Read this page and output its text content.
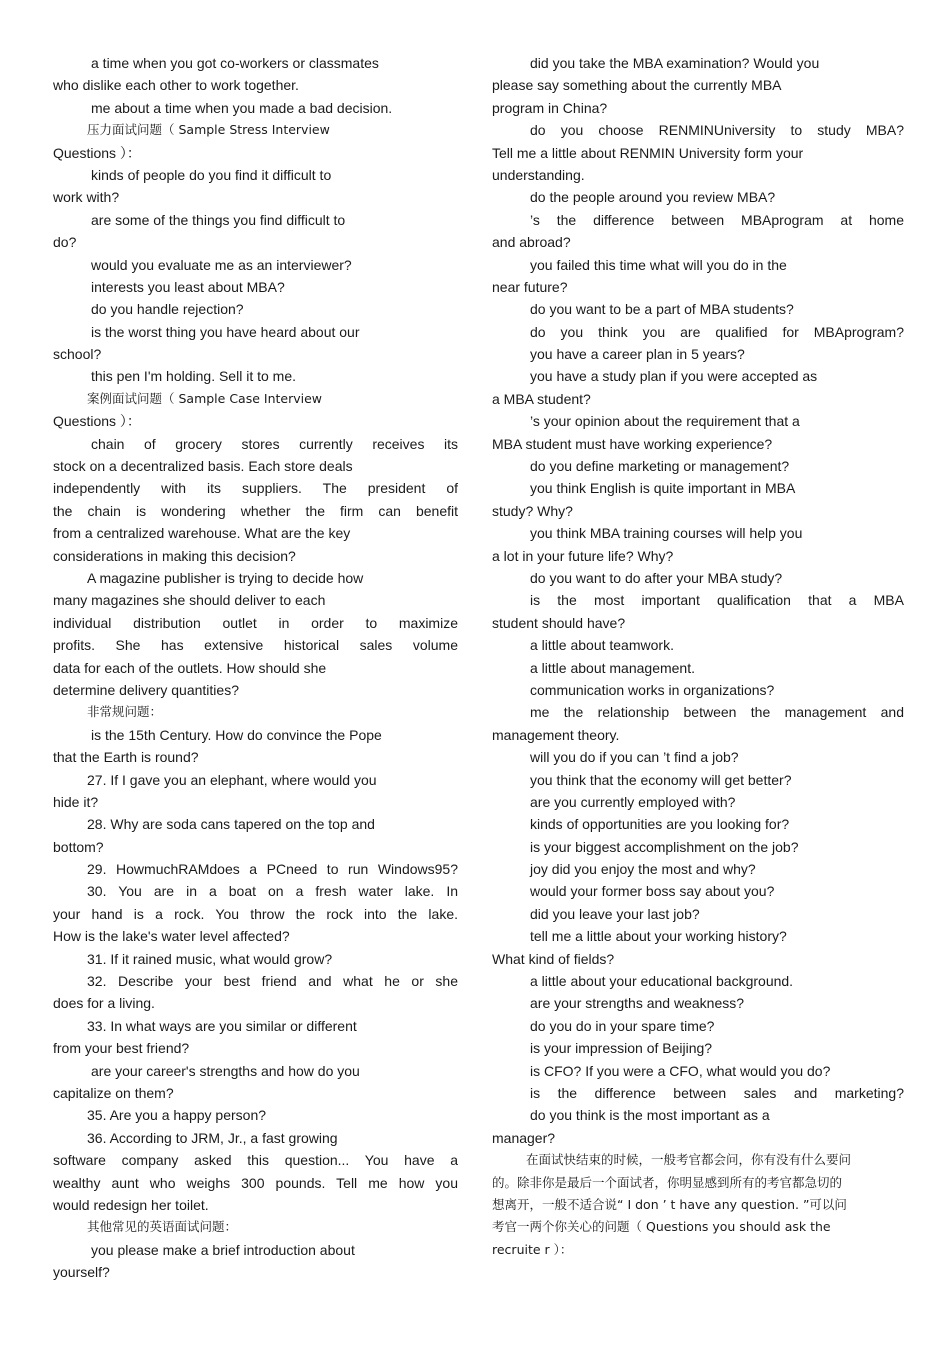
a time when you got co-workers or classmates
who dislike each other to work together.
me about a time when you made a bad decision.
压力面试问题（ Sample Stress Interview
Questions ）：
kinds of people do you find it difficult to
work with?
are some of the things you find difficult to
do?
would you evaluate me as an interviewer?
interests you least about MBA?
do you handle rejection?
is the worst thing you have heard about our
school?
this pen I'm holding. Sell it to me.
案例面试问题（ Sample Case Interview
Questions ）：
chain of grocery stores currently receives its
stock on a decentralized basis. Each store deals
independently with its suppliers. The president of
the chain is wondering whether the firm can benefit
from a centralized warehouse. What are the key
considerations in making this decision?
A magazine publisher is trying to decide how
many magazines she should deliver to each
individual distribution outlet in order to maximize
profits. She has extensive historical sales volume
data for each of the outlets. How should she
determine delivery quantities?
非常规问题：
is the 15th Century. How do convince the Pope
that the Earth is round?
27. If I gave you an elephant, where would you
hide it?
28. Why are soda cans tapered on the top and
bottom?
29. HowmuchRAMdoes a PCneed to run Windows95?
30. You are in a boat on a fresh water lake. In
your hand is a rock. You throw the rock into the lake.
How is the lake's water level affected?
31. If it rained music, what would grow?
32. Describe your best friend and what he or she
does for a living.
33. In what ways are you similar or different
from your best friend?
are your career's strengths and how do you
capitalize on them?
35. Are you a happy person?
36. According to JRM, Jr., a fast growing
software company asked this question... You have a
wealthy aunt who weighs 300 pounds. Tell me how you
would redesign her toilet.
其他常见的英语面试问题：
you please make a brief introduction about
yourself?
did you take the MBA examination? Would you
please say something about the currently MBA
program in China?
do you choose RENMINUniversity to study MBA?
Tell me a little about RENMIN University form your
understanding.
do the people around you review MBA?
’s the difference between MBAprogram at home
and abroad?
you failed this time what will you do in the
near future?
do you want to be a part of MBA students?
do you think you are qualified for MBAprogram?
you have a career plan in 5 years?
you have a study plan if you were accepted as
a MBA student?
’s your opinion about the requirement that a
MBA student must have working experience?
do you define marketing or management?
you think English is quite important in MBA
study? Why?
you think MBA training courses will help you
a lot in your future life? Why?
do you want to do after your MBA study?
is the most important qualification that a MBA
student should have?
a little about teamwork.
a little about management.
communication works in organizations?
me the relationship between the management and
management theory.
will you do if you can ’t find a job?
you think that the economy will get better?
are you currently employed with?
kinds of opportunities are you looking for?
is your biggest accomplishment on the job?
joy did you enjoy the most and why?
would your former boss say about you?
did you leave your last job?
tell me a little about your working history?
What kind of fields?
a little about your educational background.
are your strengths and weakness?
do you do in your spare time?
is your impression of Beijing?
is CFO? If you were a CFO, what would you do?
is the difference between sales and marketing?
do you think is the most important as a
manager?
在面试快结束的时候，一般考官都会问，你有没有什么要问
的。除非你是最后一个面试者，你明显感到所有的考官都急切的
想离开，一般不适合说“ I don ’ t have any question. ”可以问
考官一两个你关心的问题（ Questions you should ask the
recruite r ）：
